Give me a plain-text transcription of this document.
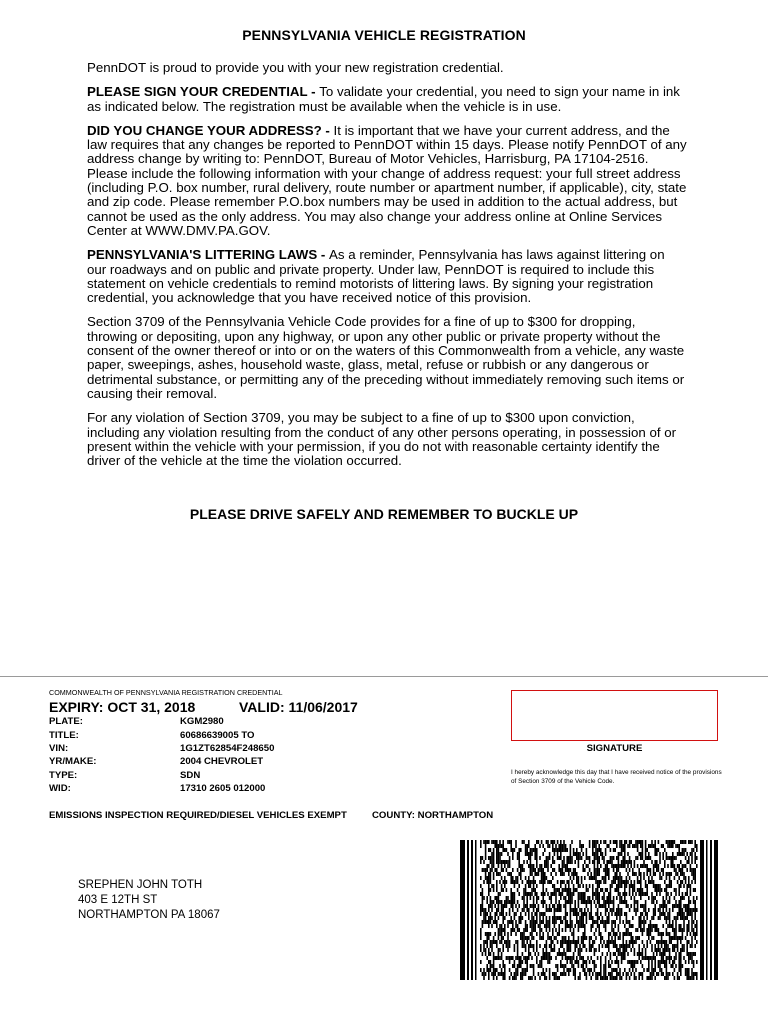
PENNSYLVANIA VEHICLE REGISTRATION

PennDOT is proud to provide you with your new registration credential.

PLEASE SIGN YOUR CREDENTIAL - To validate your credential, you need to sign your name in ink as indicated below. The registration must be available when the vehicle is in use.

DID YOU CHANGE YOUR ADDRESS? - It is important that we have your current address, and the law requires that any changes be reported to PennDOT within 15 days. Please notify PennDOT of any address change by writing to: PennDOT, Bureau of Motor Vehicles, Harrisburg, PA 17104-2516. Please include the following information with your change of address request: your full street address (including P.O. box number, rural delivery, route number or apartment number, if applicable), city, state and zip code. Please remember P.O.box numbers may be used in addition to the actual address, but cannot be used as the only address. You may also change your address online at Online Services Center at WWW.DMV.PA.GOV.

PENNSYLVANIA'S LITTERING LAWS - As a reminder, Pennsylvania has laws against littering on our roadways and on public and private property. Under law, PennDOT is required to include this statement on vehicle credentials to remind motorists of littering laws. By signing your registration credential, you acknowledge that you have received notice of this provision.

Section 3709 of the Pennsylvania Vehicle Code provides for a fine of up to $300 for dropping, throwing or depositing, upon any highway, or upon any other public or private property without the consent of the owner thereof or into or on the waters of this Commonwealth from a vehicle, any waste paper, sweepings, ashes, household waste, glass, metal, refuse or rubbish or any dangerous or detrimental substance, or permitting any of the preceding without immediately removing such items or causing their removal.

For any violation of Section 3709, you may be subject to a fine of up to $300 upon conviction, including any violation resulting from the conduct of any other persons operating, in possession of or present within the vehicle with your permission, if you do not with reasonable certainty identify the driver of the vehicle at the time the violation occurred.

PLEASE DRIVE SAFELY AND REMEMBER TO BUCKLE UP
COMMONWEALTH OF PENNSYLVANIA REGISTRATION CREDENTIAL
EXPIRY: OCT 31, 2018	VALID: 11/06/2017
PLATE:	KGM2980
TITLE:	60686639005 TO
VIN:	1G1ZT62854F248650
YR/MAKE:	2004 CHEVROLET
TYPE:	SDN
WID:	17310 2605 012000
EMISSIONS INSPECTION REQUIRED/DIESEL VEHICLES EXEMPT	COUNTY: NORTHAMPTON
SIGNATURE
I hereby acknowledge this day that I have received notice of the provisions of Section 3709 of the Vehicle Code.
SREPHEN JOHN TOTH
403 E 12TH ST
NORTHAMPTON PA 18067
